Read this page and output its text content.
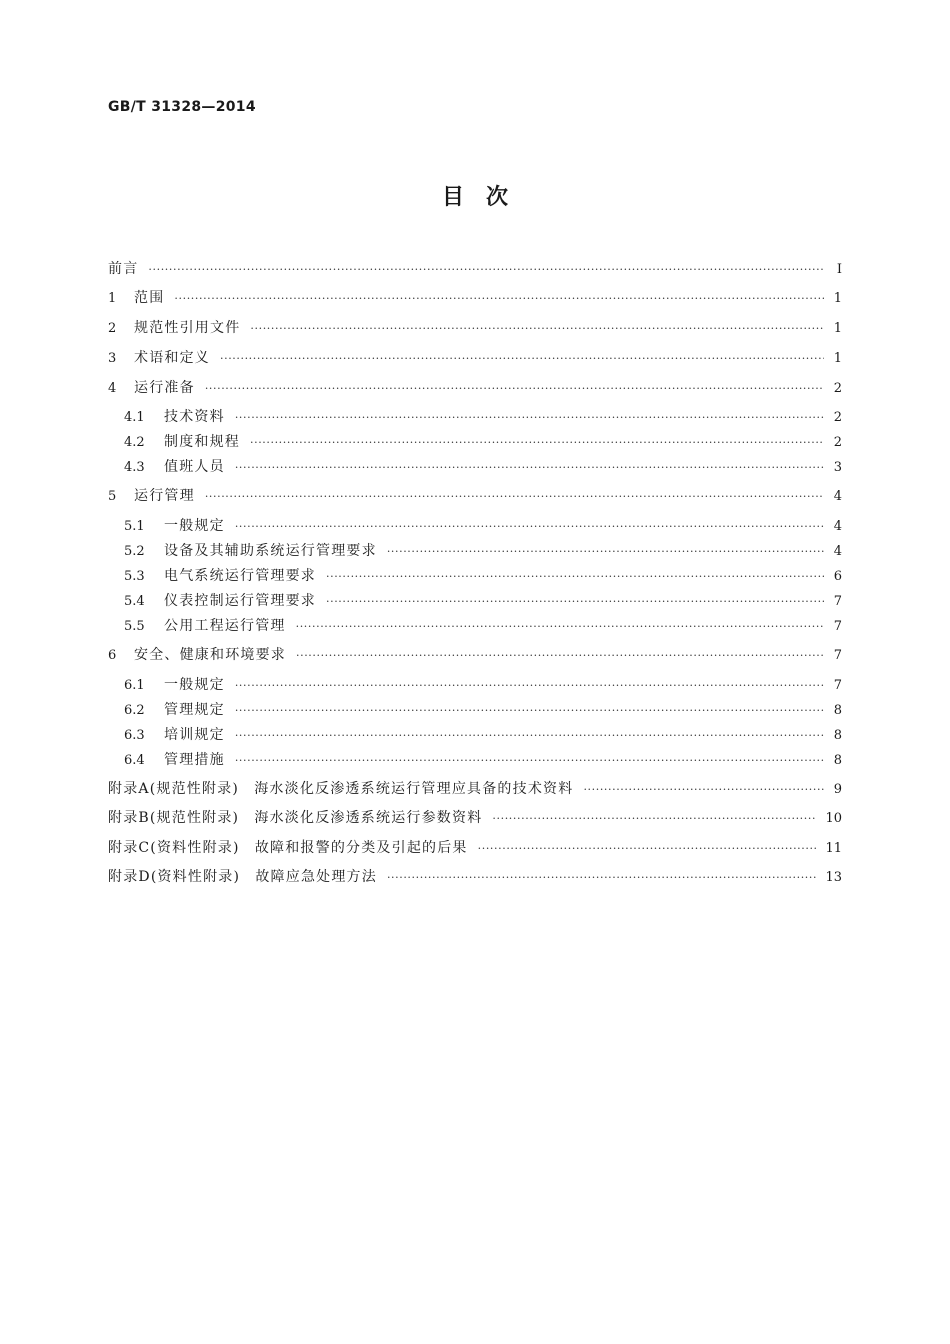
GB/T 31328—2014
目　次
前言 ·····	Ⅰ
1	范围 ·····	1
2	规范性引用文件 ·····	1
3	术语和定义 ·····	1
4	运行准备 ·····	2
4.1	技术资料 ·····	2
4.2	制度和规程 ·····	2
4.3	值班人员 ·····	3
5	运行管理 ·····	4
5.1	一般规定 ·····	4
5.2	设备及其辅助系统运行管理要求 ·····	4
5.3	电气系统运行管理要求 ·····	6
5.4	仪表控制运行管理要求 ·····	7
5.5	公用工程运行管理 ·····	7
6	安全、健康和环境要求 ·····	7
6.1	一般规定 ·····	7
6.2	管理规定 ·····	8
6.3	培训规定 ·····	8
6.4	管理措施 ·····	8
附录A(规范性附录)　海水淡化反渗透系统运行管理应具备的技术资料 ·····	9
附录B(规范性附录)　海水淡化反渗透系统运行参数资料 ·····	10
附录C(资料性附录)　故障和报警的分类及引起的后果 ·····	11
附录D(资料性附录)　故障应急处理方法 ·····	13
